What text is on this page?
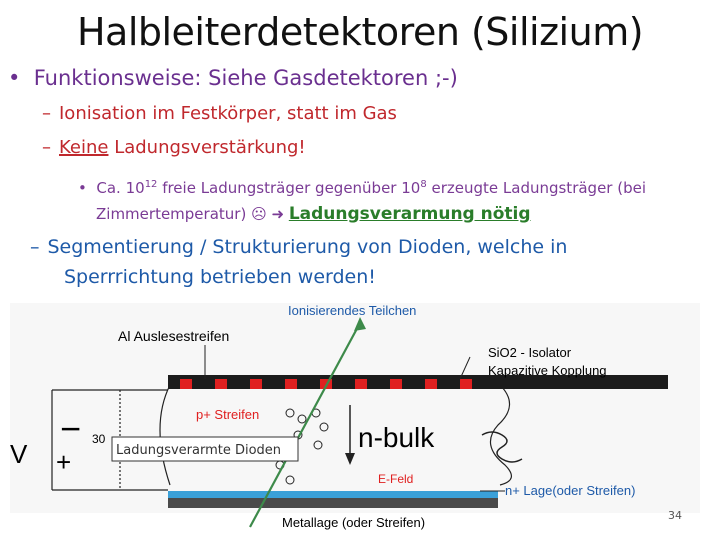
Halbleiterdetektoren (Silizium)
•  Funktionsweise: Siehe Gasdetektoren ;-)
– Ionisation im Festkörper, statt im Gas
– Keine Ladungsverstärkung!
•  Ca. $10^{12}$ freie Ladungsträger gegenüber $10^8$ erzeugte Ladungsträger (bei
Zimmertemperatur) ☹ ➜ Ladungsverarmung nötig
– Segmentierung / Strukturierung von Dioden, welche in
Sperrrichtung betrieben werden!
Ionisierendes Teilchen
Al Auslesestreifen
SiO2 - Isolator
Kapazitive Kopplung
p+ Streifen
n-bulk
E-Feld
n+ Lage(oder Streifen)
Metallage (oder Streifen)
V
−
+
30
Ladungsverarmte Dioden
34
